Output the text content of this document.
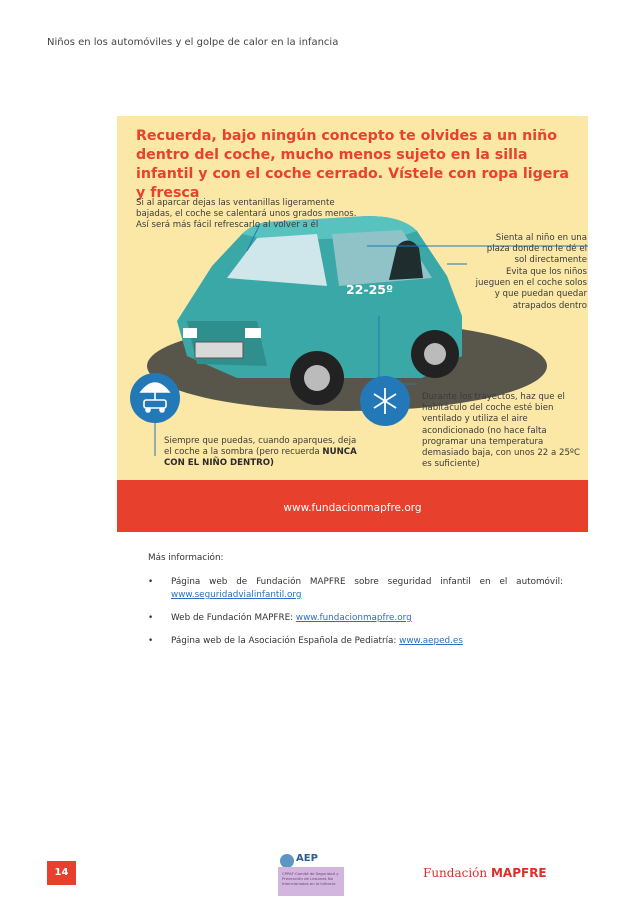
Niños en los automóviles y el golpe de calor en la infancia
Recuerda, bajo ningún concepto te olvides a un niño dentro del coche, mucho menos sujeto en la silla infantil y con el coche cerrado. Vístele con ropa ligera y fresca
Si al aparcar dejas las ventanillas ligeramente bajadas, el coche se calentará unos grados menos. Así será más fácil refrescarlo al volver a él
Sienta al niño en una plaza donde no le dé el sol directamente
Evita que los niños jueguen en el coche solos y que puedan quedar atrapados dentro
Durante los trayectos, haz que el habitáculo del coche esté bien ventilado y utiliza el aire acondicionado (no hace falta programar una temperatura demasiado baja, con unos 22 a 25ºC es suficiente)
Siempre que puedas, cuando aparques, deja el coche a la sombra (pero recuerda NUNCA CON EL NIÑO DENTRO)
22-25º
www.fundacionmapfre.org
Más información:
• Página web de Fundación MAPFRE sobre seguridad infantil en el automóvil: www.seguridadvialinfantil.org
• Web de Fundación MAPFRE: www.fundacionmapfre.org
• Página web de la Asociación Española de Pediatría: www.aeped.es
14
AEP
CPPAF Comité de Seguridad y Prevención de Lesiones No Intencionadas en la Infancia
Fundación MAPFRE
